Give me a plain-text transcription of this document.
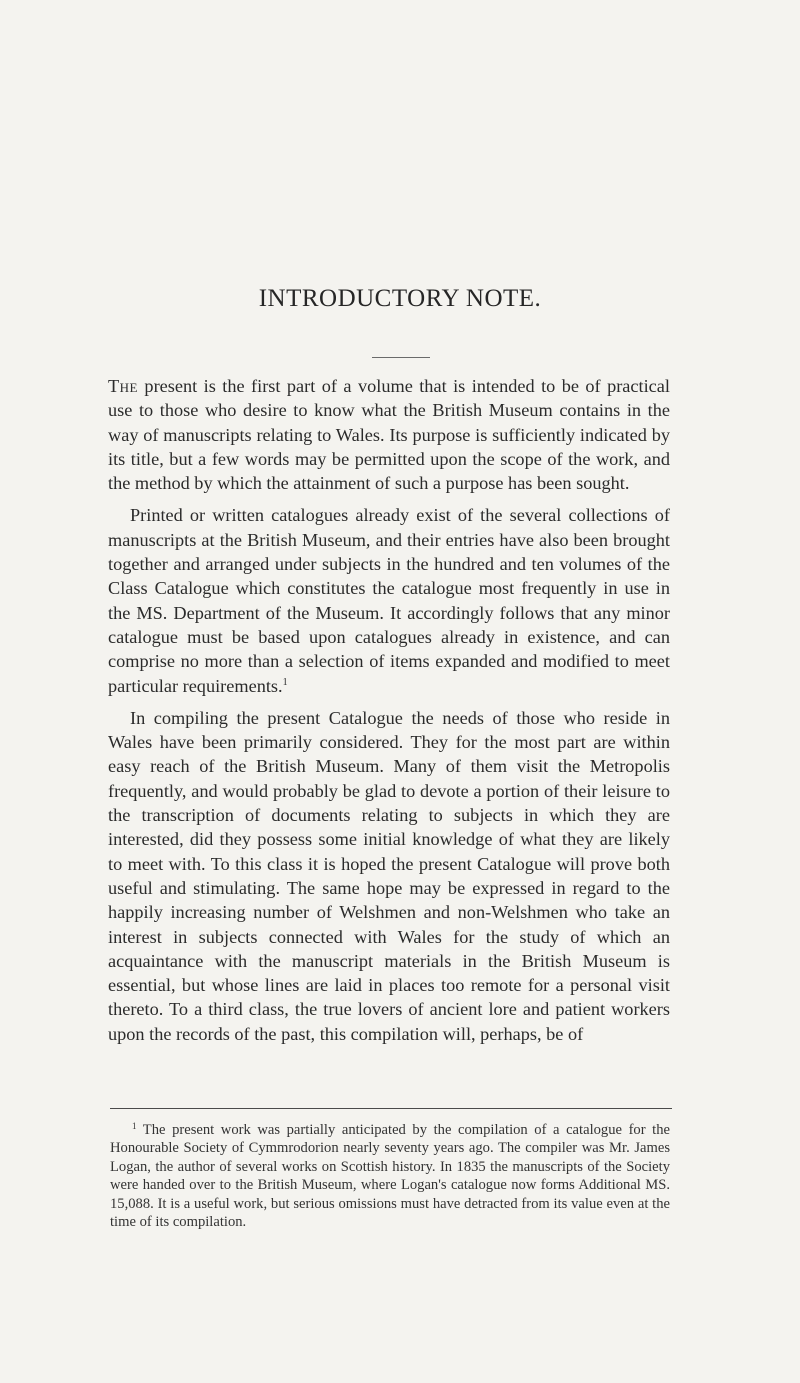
INTRODUCTORY NOTE.

The present is the first part of a volume that is intended to be of practical use to those who desire to know what the British Museum contains in the way of manuscripts relating to Wales. Its purpose is sufficiently indicated by its title, but a few words may be permitted upon the scope of the work, and the method by which the attainment of such a purpose has been sought.

Printed or written catalogues already exist of the several collections of manuscripts at the British Museum, and their entries have also been brought together and arranged under subjects in the hundred and ten volumes of the Class Catalogue which constitutes the catalogue most frequently in use in the MS. Department of the Museum. It accordingly follows that any minor catalogue must be based upon catalogues already in existence, and can comprise no more than a selection of items expanded and modified to meet particular requirements.$^1$

In compiling the present Catalogue the needs of those who reside in Wales have been primarily considered. They for the most part are within easy reach of the British Museum. Many of them visit the Metropolis frequently, and would probably be glad to devote a portion of their leisure to the transcription of documents relating to subjects in which they are interested, did they possess some initial knowledge of what they are likely to meet with. To this class it is hoped the present Catalogue will prove both useful and stimulating. The same hope may be expressed in regard to the happily increasing number of Welshmen and non-Welshmen who take an interest in subjects connected with Wales for the study of which an acquaintance with the manuscript materials in the British Museum is essential, but whose lines are laid in places too remote for a personal visit thereto. To a third class, the true lovers of ancient lore and patient workers upon the records of the past, this compilation will, perhaps, be of

$^1$ The present work was partially anticipated by the compilation of a catalogue for the Honourable Society of Cymmrodorion nearly seventy years ago. The compiler was Mr. James Logan, the author of several works on Scottish history. In 1835 the manuscripts of the Society were handed over to the British Museum, where Logan's catalogue now forms Additional MS. 15,088. It is a useful work, but serious omissions must have detracted from its value even at the time of its compilation.
